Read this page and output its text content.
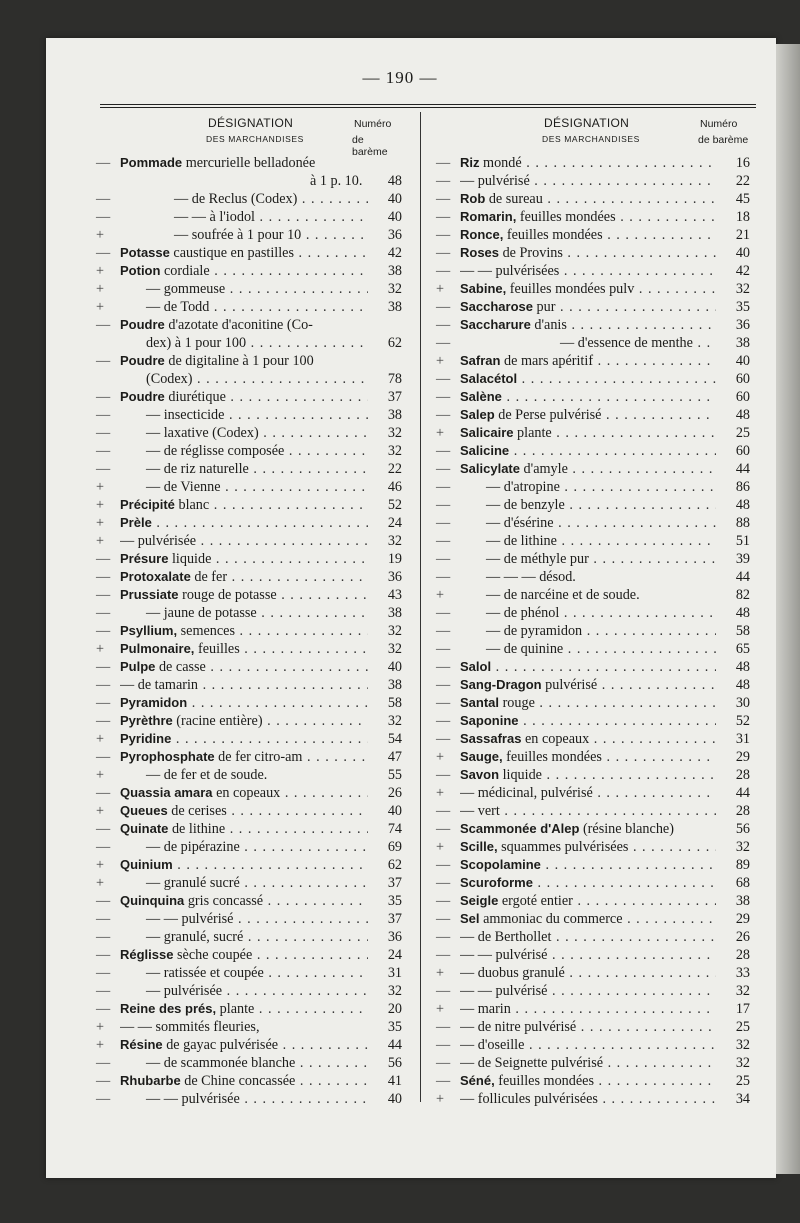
— 190 —
DÉSIGNATION
DES MARCHANDISES
Numéro
de barème
— Pommade mercurielle belladonée
à 1 p. 10.	48
—	— de Reclus (Codex) . . .	40
—	— — à l'iodol . . .	40
+	— soufrée à 1 pour 10 . . .	36
— Potasse caustique en pastilles . . .	42
+	Potion cordiale . . .	38
+	— gommeuse . . .	32
+	— de Todd . . .	38
— Poudre d'azotate d'aconitine (Co-
dex) à 1 pour 100 . . .	62
— Poudre de digitaline à 1 pour 100
(Codex) . . .	78
— Poudre diurétique . . .	37
—	— insecticide . . .	38
—	— laxative (Codex) . . .	32
—	— de réglisse composée . . .	32
—	— de riz naturelle . . .	22
+	— de Vienne . . .	46
+	Précipité blanc . . .	52
+	Prèle . . .	24
+	— pulvérisée . . .	32
— Présure liquide . . .	19
— Protoxalate de fer . . .	36
— Prussiate rouge de potasse . . .	43
—	— jaune de potasse . . .	38
— Psyllium, semences . . .	32
+	Pulmonaire, feuilles . . .	32
— Pulpe de casse . . .	40
— — de tamarin . . .	38
— Pyramidon . . .	58
— Pyrèthre (racine entière) . . .	32
+	Pyridine . . .	54
— Pyrophosphate de fer citro-am . . .	47
+	— de fer et de soude.	55
— Quassia amara en copeaux . . .	26
+	Queues de cerises . . .	40
— Quinate de lithine . . .	74
—	— de pipérazine . . .	69
+	Quinium . . .	62
+	— granulé sucré . . .	37
— Quinquina gris concassé . . .	35
—	— — pulvérisé . . .	37
—	— granulé, sucré . . .	36
— Réglisse sèche coupée . . .	24
—	— ratissée et coupée . . .	31
—	— pulvérisée . . .	32
— Reine des prés, plante . . .	20
+	— — sommités fleuries,	35
+	Résine de gayac pulvérisée . . .	44
—	— de scammonée blanche . . .	56
— Rhubarbe de Chine concassée . . .	41
—	— — pulvérisée . . .	40
DÉSIGNATION
DES MARCHANDISES
Numéro
de barème
— Riz mondé . . .	16
— — pulvérisé . . .	22
— Rob de sureau . . .	45
— Romarin, feuilles mondées . . .	18
— Ronce, feuilles mondées . . .	21
— Roses de Provins . . .	40
— — — pulvérisées . . .	42
+	Sabine, feuilles mondées pulv . . .	32
— Saccharose pur . . .	35
— Saccharure d'anis . . .	36
—	— d'essence de menthe . . .	38
+	Safran de mars apéritif . . .	40
— Salacétol . . .	60
— Salène . . .	60
— Salep de Perse pulvérisé . . .	48
+	Salicaire plante . . .	25
— Salicine . . .	60
— Salicylate d'amyle . . .	44
—	— d'atropine . . .	86
—	— de benzyle . . .	48
—	— d'ésérine . . .	88
—	— de lithine . . .	51
—	— de méthyle pur . . .	39
—	— — — désod.	44
+	— de narcéine et de soude.	82
—	— de phénol . . .	48
—	— de pyramidon . . .	58
—	— de quinine . . .	65
— Salol . . .	48
— Sang-Dragon pulvérisé . . .	48
— Santal rouge . . .	30
— Saponine . . .	52
— Sassafras en copeaux . . .	31
+	Sauge, feuilles mondées . . .	29
— Savon liquide . . .	28
+	— médicinal, pulvérisé . . .	44
— — vert . . .	28
— Scammonée d'Alep (résine blanche)	56
+	Scille, squammes pulvérisées . . .	32
— Scopolamine . . .	89
— Scuroforme . . .	68
— Seigle ergoté entier . . .	38
— Sel ammoniac du commerce . . .	29
— — de Berthollet . . .	26
— — — pulvérisé . . .	28
+	— duobus granulé . . .	33
— — — pulvérisé . . .	32
+	— marin . . .	17
— — de nitre pulvérisé . . .	25
— — d'oseille . . .	32
— — de Seignette pulvérisé . . .	32
— Séné, feuilles mondées . . .	25
+	— follicules pulvérisées . . .	34
